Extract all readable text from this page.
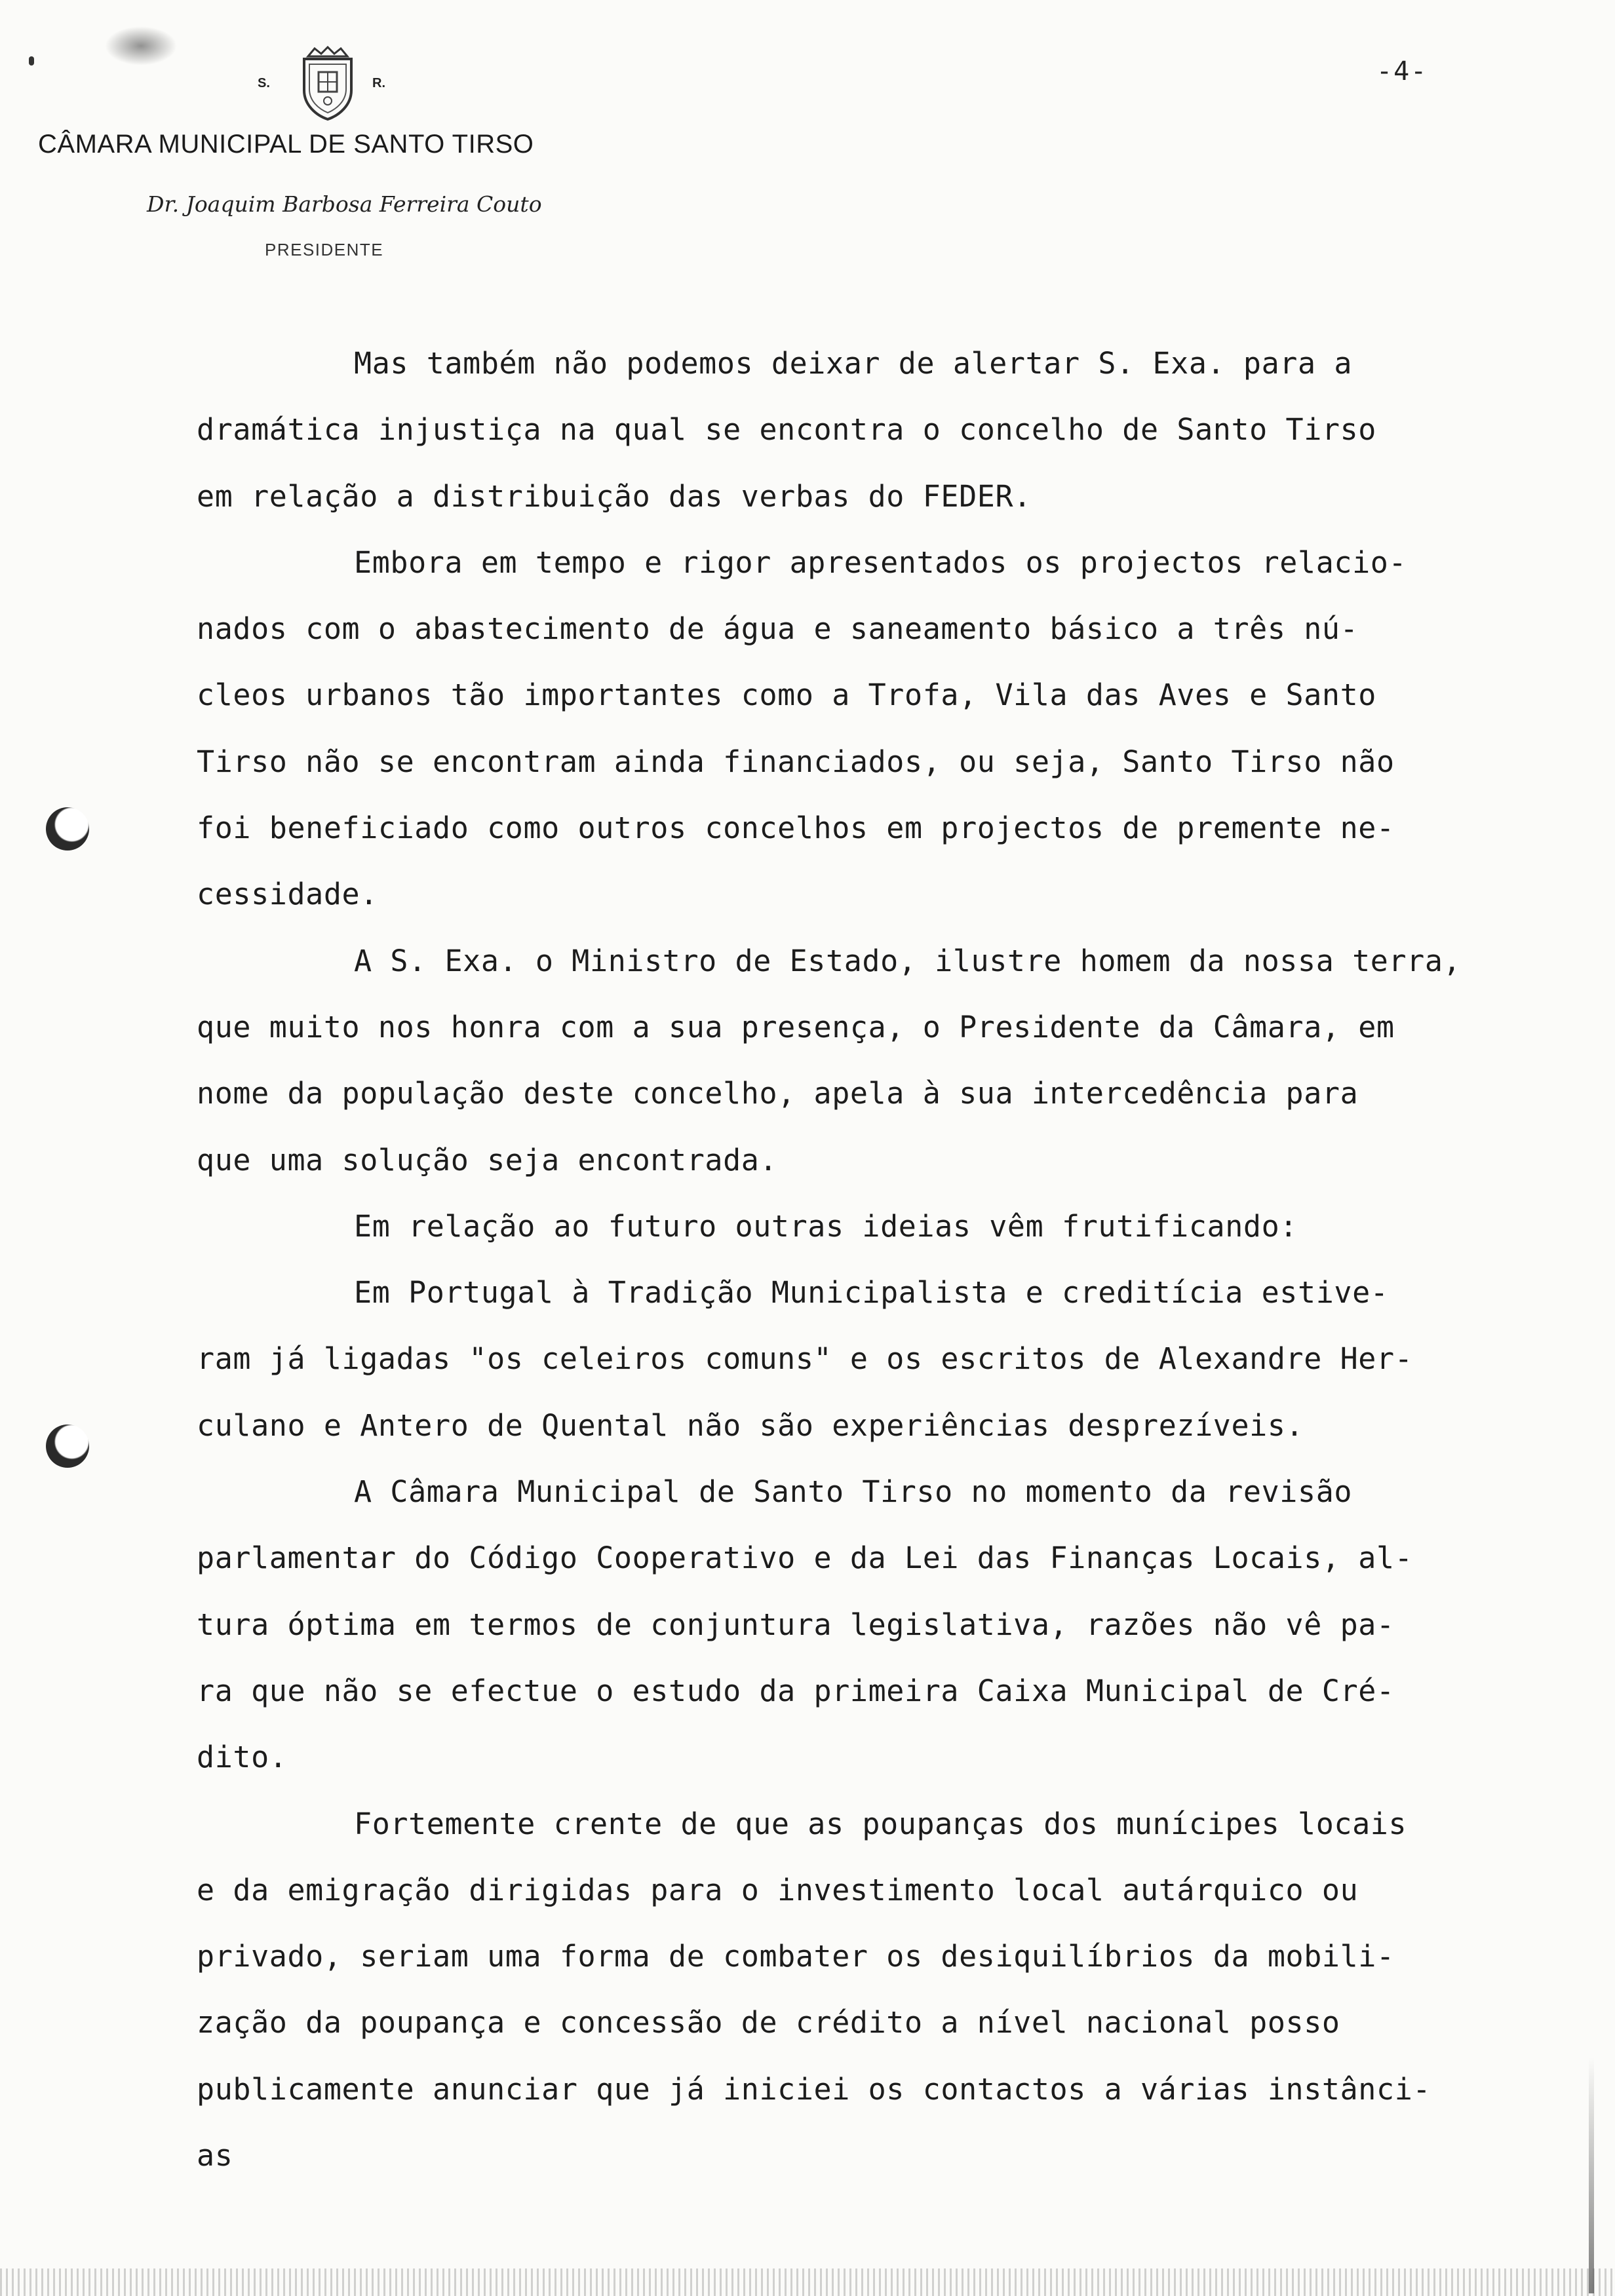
S.	R.	-4-
CÂMARA MUNICIPAL DE SANTO TIRSO
Dr. Joaquim Barbosa Ferreira Couto
PRESIDENTE
Mas também não podemos deixar de alertar S. Exa. para a
dramática injustiça na qual se encontra o concelho de Santo Tirso
em relação a distribuição das verbas do FEDER.
Embora em tempo e rigor apresentados os projectos relacio-
nados com o abastecimento de água e saneamento básico a três nú-
cleos urbanos tão importantes como a Trofa, Vila das Aves e Santo
Tirso não se encontram ainda financiados, ou seja, Santo Tirso não
foi beneficiado como outros concelhos em projectos de premente ne-
cessidade.
A S. Exa. o Ministro de Estado, ilustre homem da nossa terra,
que muito nos honra com a sua presença, o Presidente da Câmara, em
nome da população deste concelho, apela à sua intercedência para
que uma solução seja encontrada.
Em relação ao futuro outras ideias vêm frutificando:
Em Portugal à Tradição Municipalista e creditícia estive-
ram já ligadas "os celeiros comuns" e os escritos de Alexandre Her-
culano e Antero de Quental não são experiências desprezíveis.
A Câmara Municipal de Santo Tirso no momento da revisão
parlamentar do Código Cooperativo e da Lei das Finanças Locais, al-
tura óptima em termos de conjuntura legislativa, razões não vê pa-
ra que não se efectue o estudo da primeira Caixa Municipal de Cré-
dito.
Fortemente crente de que as poupanças dos munícipes locais
e da emigração dirigidas para o investimento local autárquico ou
privado, seriam uma forma de combater os desiquilíbrios da mobili-
zação da poupança e concessão de crédito a nível nacional posso
publicamente anunciar que já iniciei os contactos a várias instânci-
as
